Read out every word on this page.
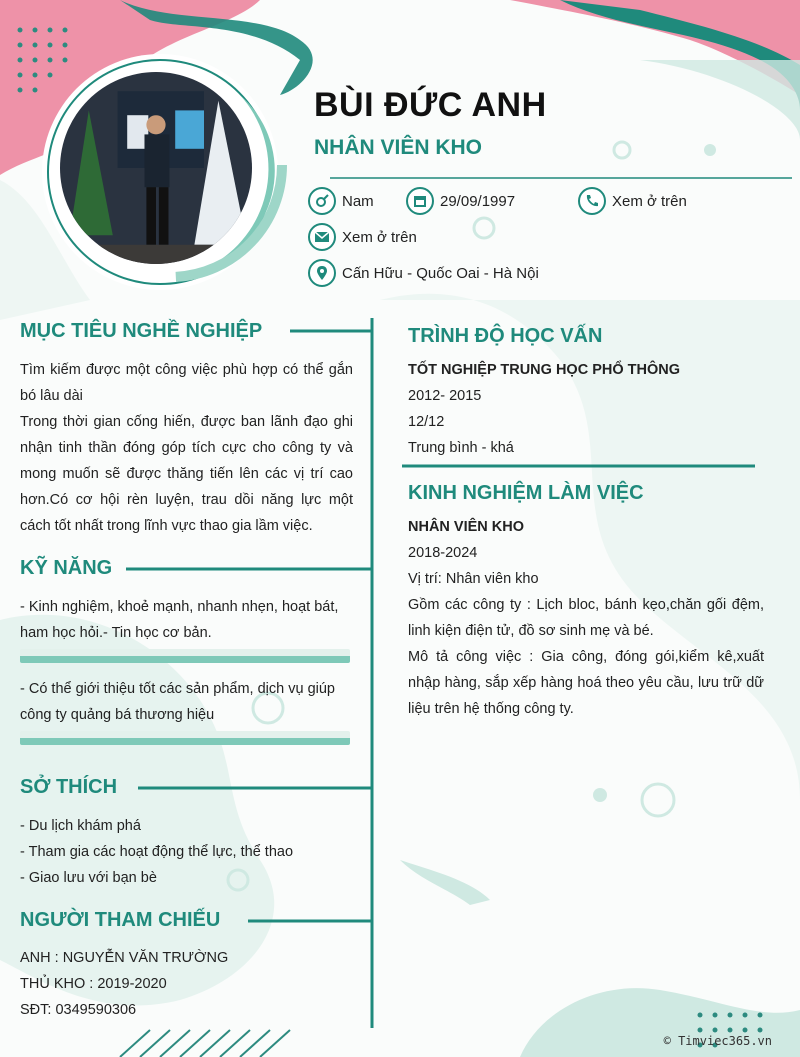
BÙI ĐỨC ANH
NHÂN VIÊN KHO
Nam	29/09/1997	Xem ở trên
Xem ở trên
Cấn Hữu - Quốc Oai - Hà Nội
MỤC TIÊU NGHỀ NGHIỆP
Tìm kiếm được một công việc phù hợp có thể gắn bó lâu dài
Trong thời gian cống hiến, được ban lãnh đạo ghi nhận tinh thần đóng góp tích cực cho công ty và mong muốn sẽ được thăng tiến lên các vị trí cao hơn.Có cơ hội rèn luyện, trau dồi năng lực một cách tốt nhất trong lĩnh vực thao gia lầm việc.
KỸ NĂNG
- Kinh nghiệm, khoẻ mạnh, nhanh nhẹn, hoạt bát, ham học hỏi.- Tin học cơ bản.
- Có thể giới thiệu tốt các sản phẩm, dịch vụ giúp công ty quảng bá thương hiệu
SỞ THÍCH
- Du lịch khám phá
- Tham gia các hoạt động thể lực, thể thao
- Giao lưu với bạn bè
NGƯỜI THAM CHIẾU
ANH : NGUYỄN VĂN TRƯỜNG
THỦ KHO : 2019-2020
SĐT: 0349590306
TRÌNH ĐỘ HỌC VẤN
TỐT NGHIỆP TRUNG HỌC PHỔ THÔNG
2012- 2015
12/12
Trung bình - khá
KINH NGHIỆM LÀM VIỆC
NHÂN VIÊN KHO
2018-2024
Vị trí: Nhân viên kho
Gồm các công ty : Lịch bloc, bánh kẹo,chăn gối đệm, linh kiện điện tử, đồ sơ sinh mẹ và bé.
Mô tả công việc : Gia công, đóng gói,kiểm kê,xuất nhập hàng, sắp xếp hàng hoá theo yêu cầu, lưu trữ dữ liệu trên hệ thống công ty.
© Timviec365.vn
